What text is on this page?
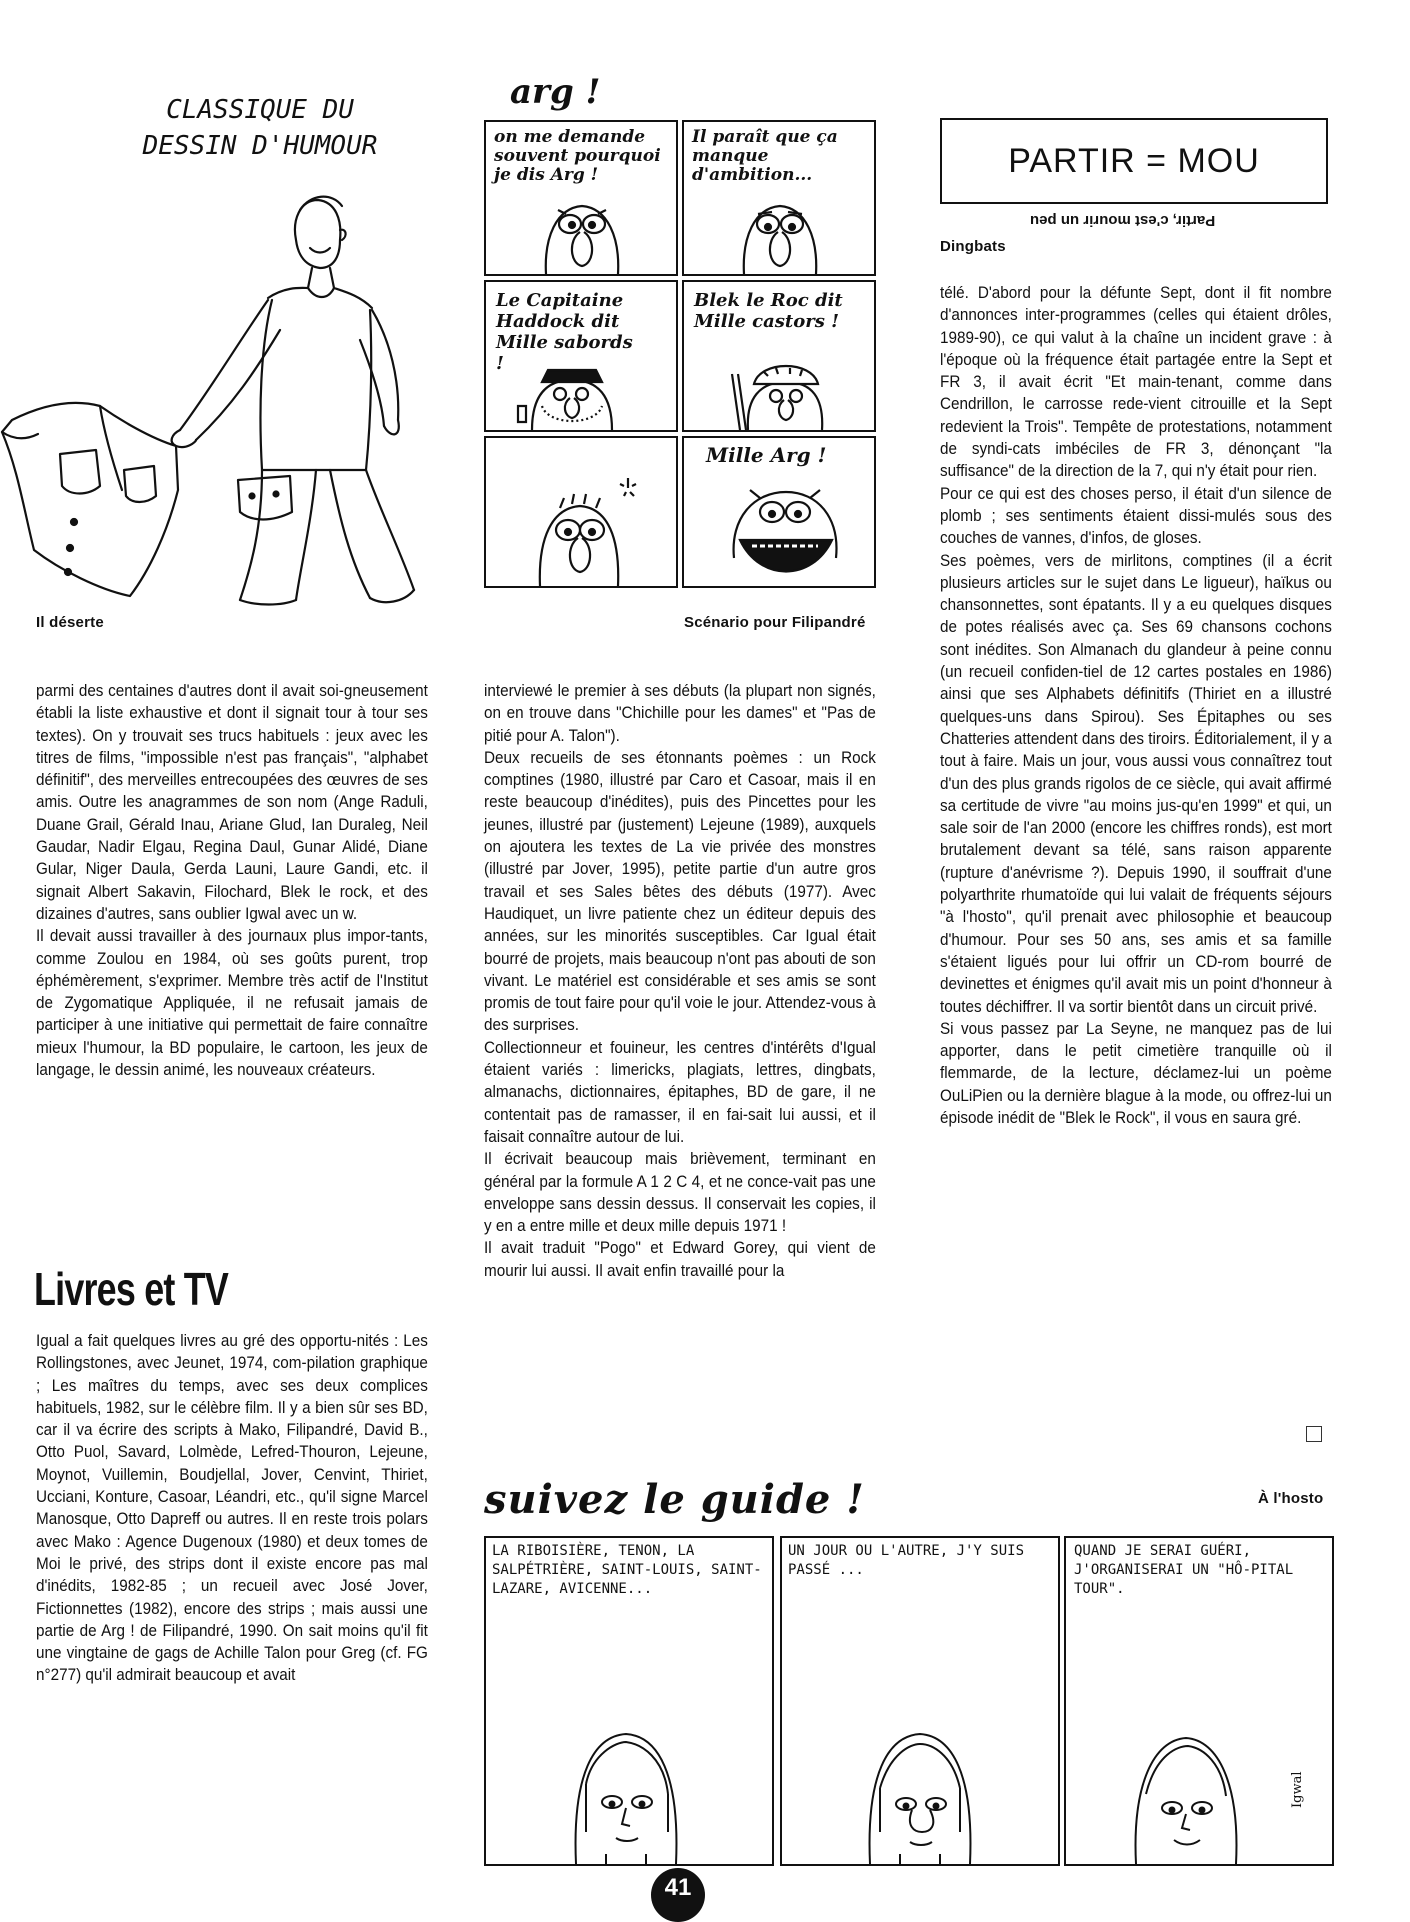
CLASSIQUE DU
DESSIN D'HUMOUR
Il déserte
arg !
on me demande souvent pourquoi je dis Arg !
Il paraît que ça manque d'ambition...
Le Capitaine Haddock dit Mille sabords !
Blek le Roc dit Mille castors !
Mille Arg !
Scénario pour Filipandré
PARTIR = MOU
Partir, c'est mourir un peu
Dingbats

parmi des centaines d'autres dont il avait soi-gneusement établi la liste exhaustive et dont il signait tour à tour ses textes). On y trouvait ses trucs habituels : jeux avec les titres de films, "impossible n'est pas français", "alphabet définitif", des merveilles entrecoupées des œuvres de ses amis. Outre les anagrammes de son nom (Ange Raduli, Duane Grail, Gérald Inau, Ariane Glud, Ian Duraleg, Neil Gaudar, Nadir Elgau, Regina Daul, Gunar Alidé, Diane Gular, Niger Daula, Gerda Launi, Laure Gandi, etc. il signait Albert Sakavin, Filochard, Blek le rock, et des dizaines d'autres, sans oublier Igwal avec un w.

Il devait aussi travailler à des journaux plus impor-tants, comme Zoulou en 1984, où ses goûts purent, trop éphémèrement, s'exprimer. Membre très actif de l'Institut de Zygomatique Appliquée, il ne refusait jamais de participer à une initiative qui permettait de faire connaître mieux l'humour, la BD populaire, le cartoon, les jeux de langage, le dessin animé, les nouveaux créateurs.

Livres et TV

Igual a fait quelques livres au gré des opportu-nités : Les Rollingstones, avec Jeunet, 1974, com-pilation graphique ; Les maîtres du temps, avec ses deux complices habituels, 1982, sur le célèbre film. Il y a bien sûr ses BD, car il va écrire des scripts à Mako, Filipandré, David B., Otto Puol, Savard, Lolmède, Lefred-Thouron, Lejeune, Moynot, Vuillemin, Boudjellal, Jover, Cenvint, Thiriet, Ucciani, Konture, Casoar, Léandri, etc., qu'il signe Marcel Manosque, Otto Dapreff ou autres. Il en reste trois polars avec Mako : Agence Dugenoux (1980) et deux tomes de Moi le privé, des strips dont il existe encore pas mal d'inédits, 1982-85 ; un recueil avec José Jover, Fictionnettes (1982), encore des strips ; mais aussi une partie de Arg ! de Filipandré, 1990. On sait moins qu'il fit une vingtaine de gags de Achille Talon pour Greg (cf. FG n°277) qu'il admirait beaucoup et avait

interviewé le premier à ses débuts (la plupart non signés, on en trouve dans "Chichille pour les dames" et "Pas de pitié pour A. Talon").

Deux recueils de ses étonnants poèmes : un Rock comptines (1980, illustré par Caro et Casoar, mais il en reste beaucoup d'inédites), puis des Pincettes pour les jeunes, illustré par (justement) Lejeune (1989), auxquels on ajoutera les textes de La vie privée des monstres (illustré par Jover, 1995), petite partie d'un autre gros travail et ses Sales bêtes des débuts (1977). Avec Haudiquet, un livre patiente chez un éditeur depuis des années, sur les minorités susceptibles. Car Igual était bourré de projets, mais beaucoup n'ont pas abouti de son vivant. Le matériel est considérable et ses amis se sont promis de tout faire pour qu'il voie le jour. Attendez-vous à des surprises.

Collectionneur et fouineur, les centres d'intérêts d'Igual étaient variés : limericks, plagiats, lettres, dingbats, almanachs, dictionnaires, épitaphes, BD de gare, il ne contentait pas de ramasser, il en fai-sait lui aussi, et il faisait connaître autour de lui.

Il écrivait beaucoup mais brièvement, terminant en général par la formule A 1 2 C 4, et ne conce-vait pas une enveloppe sans dessin dessus. Il conservait les copies, il y en a entre mille et deux mille depuis 1971 !

Il avait traduit "Pogo" et Edward Gorey, qui vient de mourir lui aussi. Il avait enfin travaillé pour la

télé. D'abord pour la défunte Sept, dont il fit nombre d'annonces inter-programmes (celles qui étaient drôles, 1989-90), ce qui valut à la chaîne un incident grave : à l'époque où la fréquence était partagée entre la Sept et FR 3, il avait écrit "Et main-tenant, comme dans Cendrillon, le carrosse rede-vient citrouille et la Sept redevient la Trois". Tempête de protestations, notamment de syndi-cats imbéciles de FR 3, dénonçant "la suffisance" de la direction de la 7, qui n'y était pour rien.

Pour ce qui est des choses perso, il était d'un silence de plomb ; ses sentiments étaient dissi-mulés sous des couches de vannes, d'infos, de gloses.

Ses poèmes, vers de mirlitons, comptines (il a écrit plusieurs articles sur le sujet dans Le ligueur), haïkus ou chansonnettes, sont épatants. Il y a eu quelques disques de potes réalisés avec ça. Ses 69 chansons cochons sont inédites. Son Almanach du glandeur à peine connu (un recueil confiden-tiel de 12 cartes postales en 1986) ainsi que ses Alphabets définitifs (Thiriet en a illustré quelques-uns dans Spirou). Ses Épitaphes ou ses Chatteries attendent dans des tiroirs. Éditorialement, il y a tout à faire. Mais un jour, vous aussi vous connaîtrez tout d'un des plus grands rigolos de ce siècle, qui avait affirmé sa certitude de vivre "au moins jus-qu'en 1999" et qui, un sale soir de l'an 2000 (encore les chiffres ronds), est mort brutalement devant sa télé, sans raison apparente (rupture d'anévrisme ?). Depuis 1990, il souffrait d'une polyarthrite rhumatoïde qui lui valait de fréquents séjours "à l'hosto", qu'il prenait avec philosophie et beaucoup d'humour. Pour ses 50 ans, ses amis et sa famille s'étaient ligués pour lui offrir un CD-rom bourré de devinettes et énigmes qu'il avait mis un point d'honneur à toutes déchiffrer. Il va sortir bientôt dans un circuit privé.

Si vous passez par La Seyne, ne manquez pas de lui apporter, dans le petit cimetière tranquille où il flemmarde, de la lecture, déclamez-lui un poème OuLiPien ou la dernière blague à la mode, ou offrez-lui un épisode inédit de "Blek le Rock", il vous en saura gré.

suivez le guide !	À l'hosto
LA RIBOISIÈRE, TENON, LA SALPÉTRIÈRE, SAINT-LOUIS, SAINT-LAZARE, AVICENNE...
UN JOUR OU L'AUTRE, J'Y SUIS PASSÉ ...
QUAND JE SERAI GUÉRI, J'ORGANISERAI UN "HÔ-PITAL TOUR".
Igwal
41
